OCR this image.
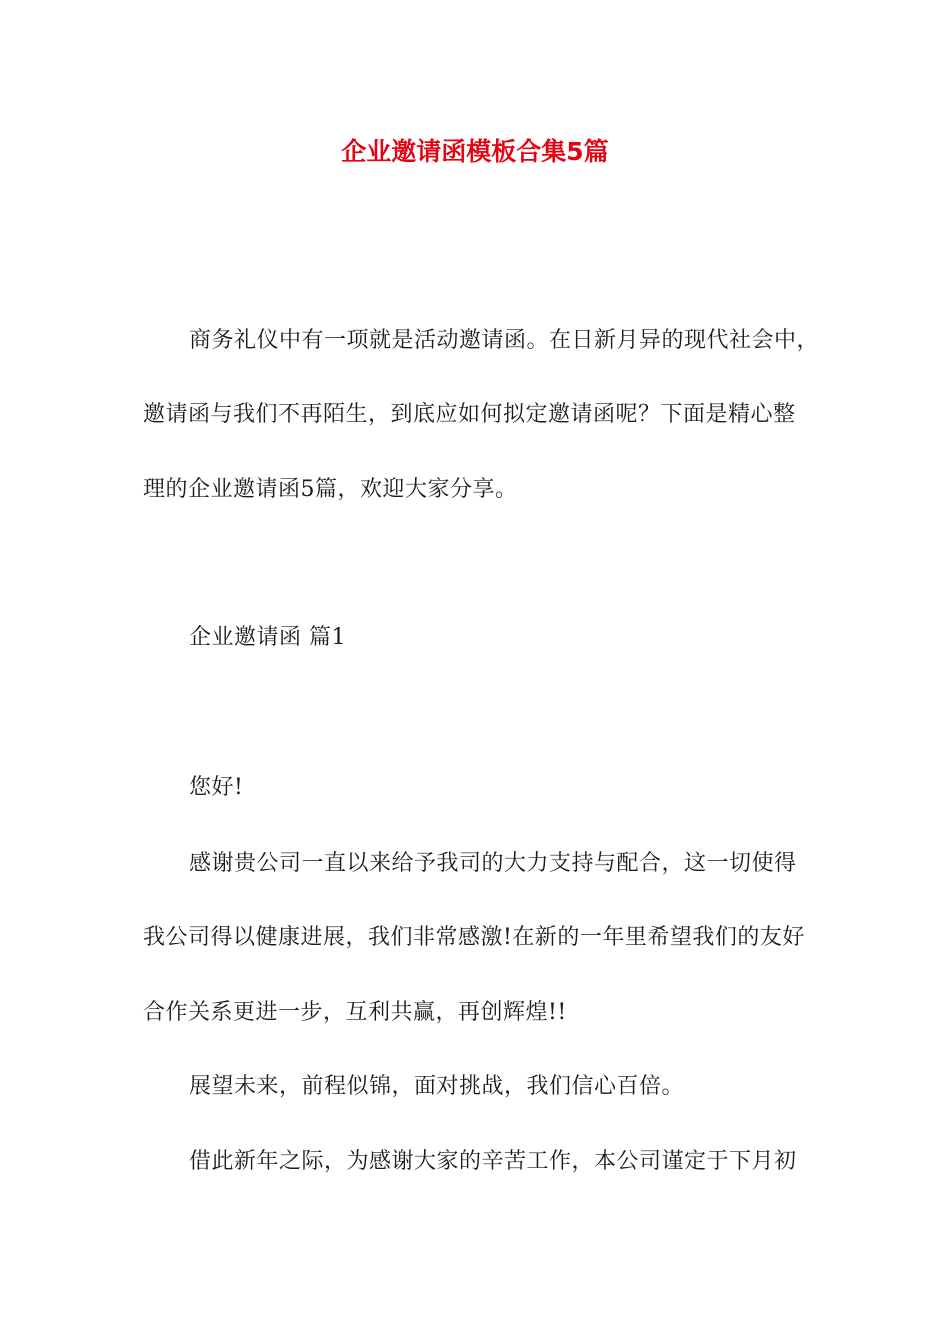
企业邀请函模板合集5篇

商务礼仪中有一项就是活动邀请函。在日新月异的现代社会中，

邀请函与我们不再陌生，到底应如何拟定邀请函呢？下面是精心整

理的企业邀请函5篇，欢迎大家分享。

企业邀请函 篇1

您好!

感谢贵公司一直以来给予我司的大力支持与配合，这一切使得

我公司得以健康进展，我们非常感激!在新的一年里希望我们的友好

合作关系更进一步，互利共赢，再创辉煌!!

展望未来，前程似锦，面对挑战，我们信心百倍。

借此新年之际，为感谢大家的辛苦工作，本公司谨定于下月初
